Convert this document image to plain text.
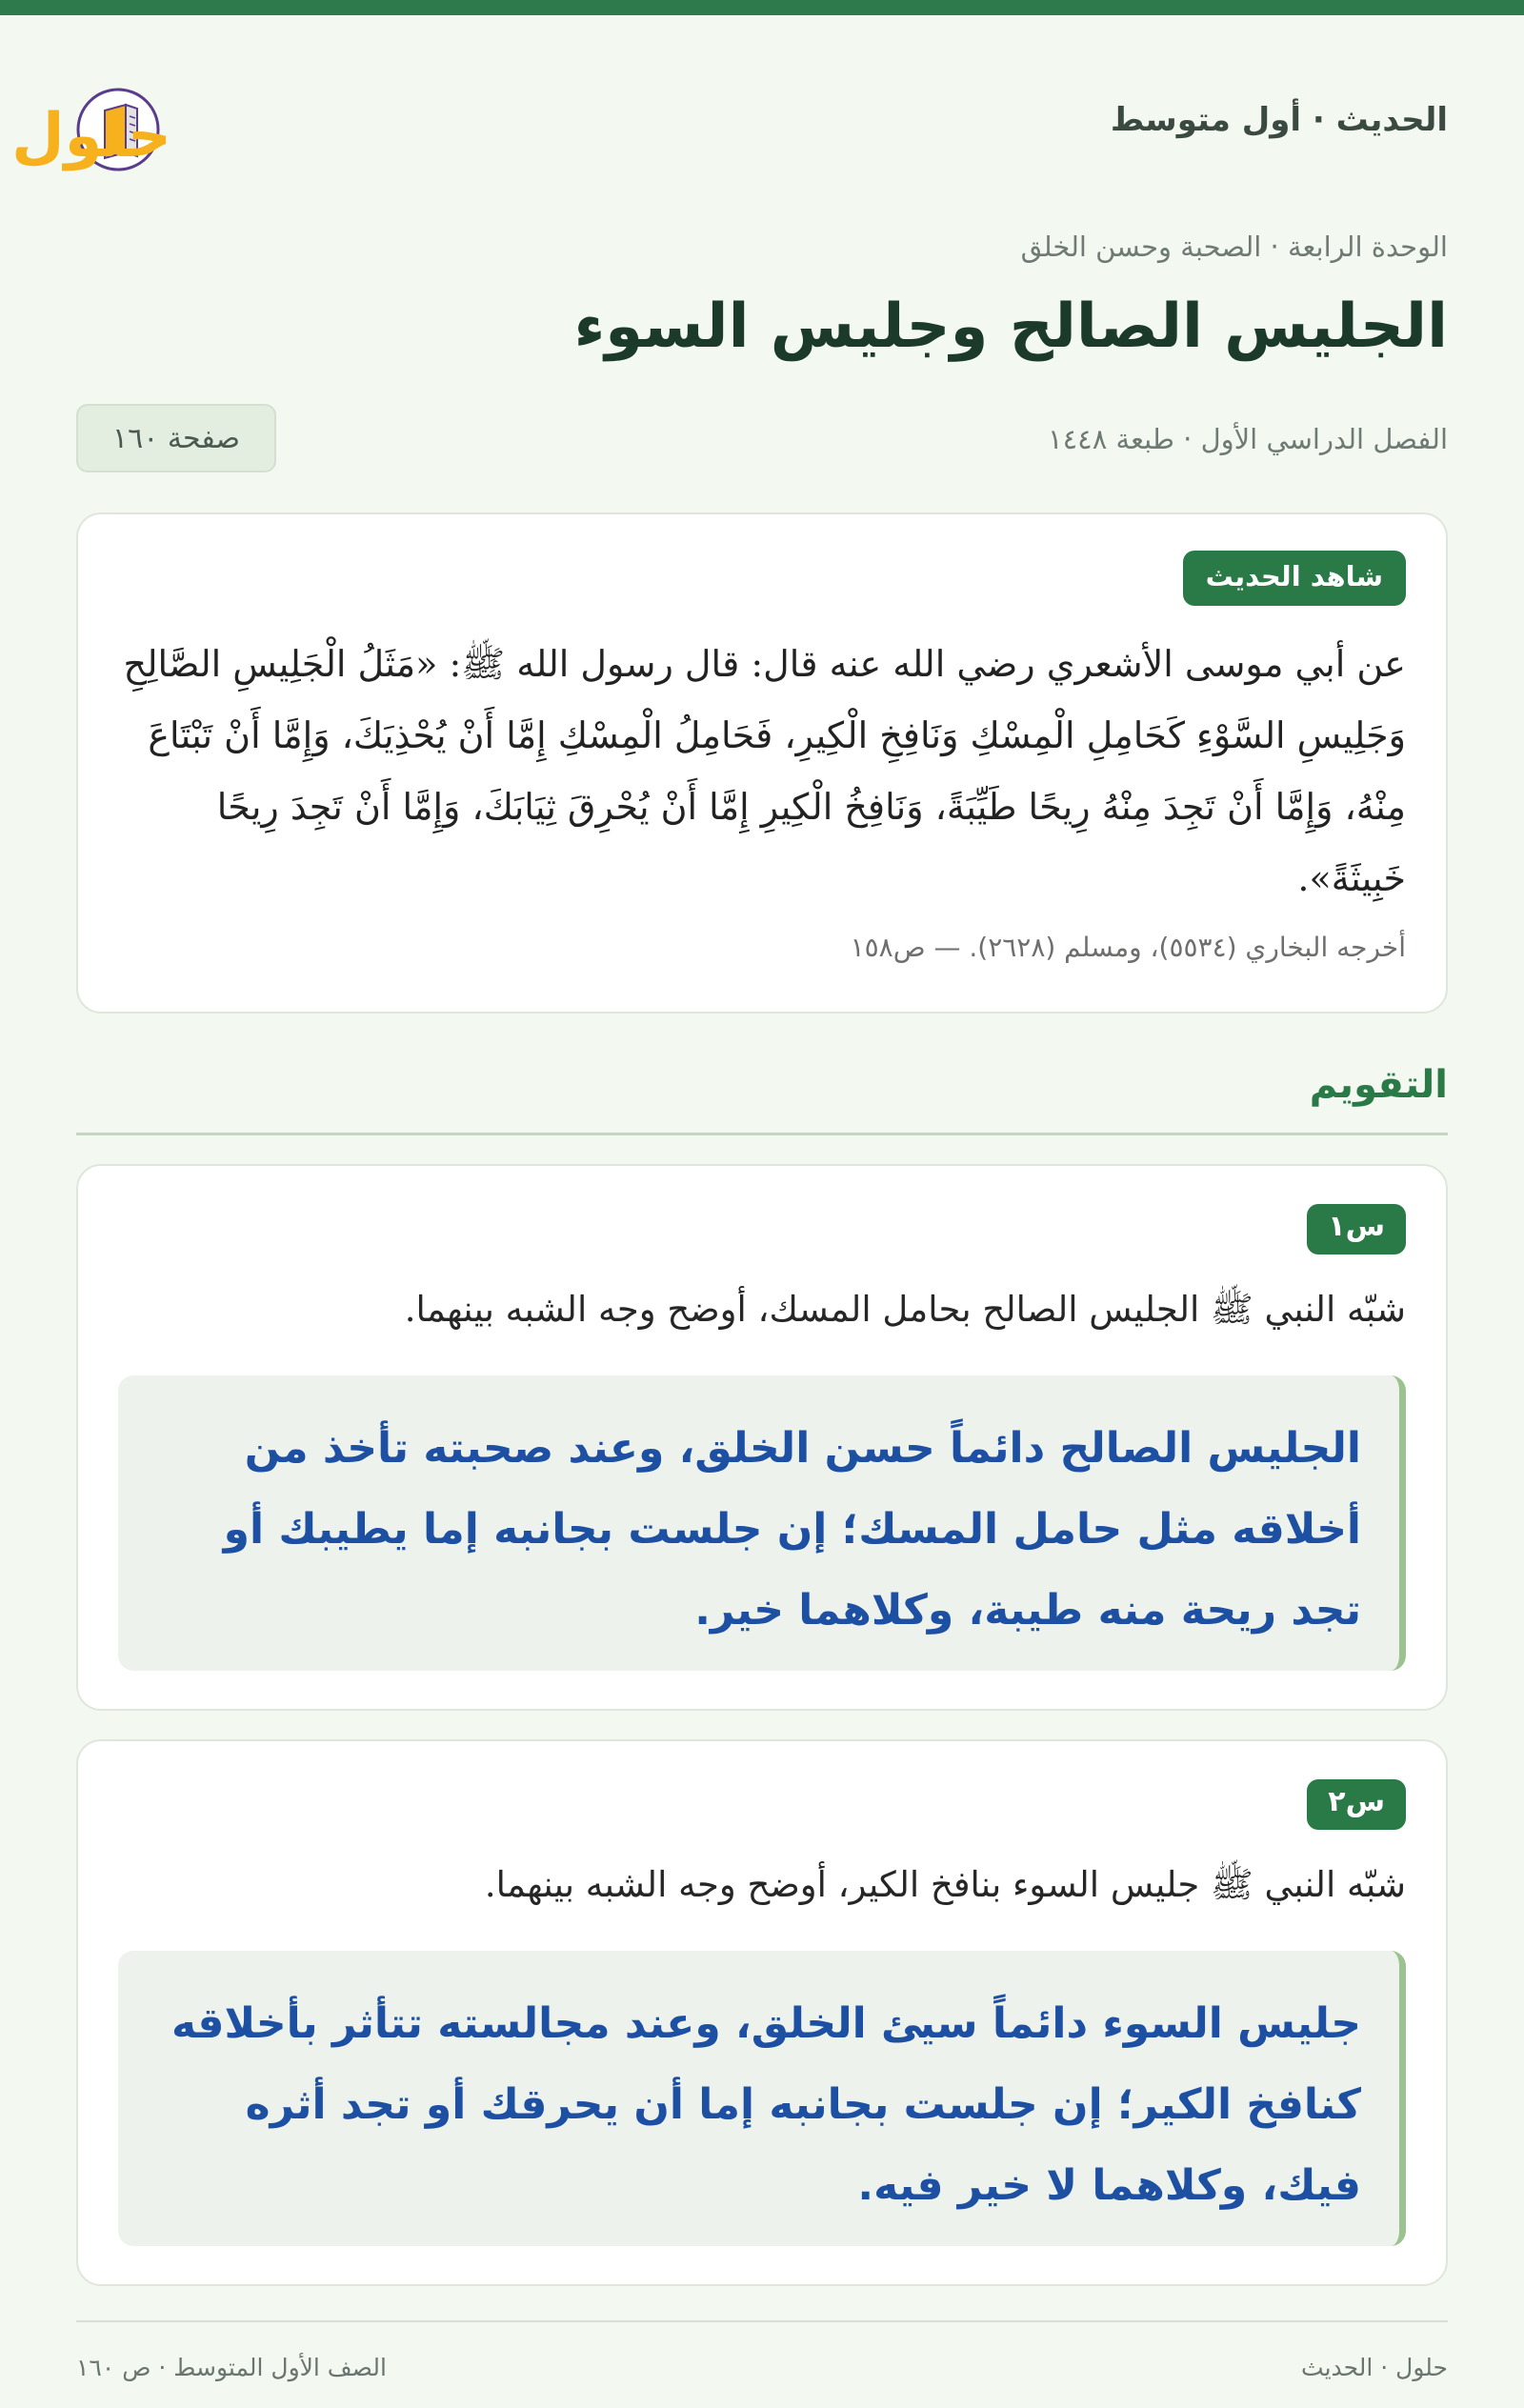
الحديث · أول متوسط
حلول
الوحدة الرابعة · الصحبة وحسن الخلق
الجليس الصالح وجليس السوء
الفصل الدراسي الأول · طبعة ١٤٤٨
صفحة ١٦٠
شاهد الحديث
عن أبي موسى الأشعري رضي الله عنه قال: قال رسول الله ﷺ: «مَثَلُ الْجَلِيسِ الصَّالِحِ وَجَلِيسِ السَّوْءِ كَحَامِلِ الْمِسْكِ وَنَافِخِ الْكِيرِ، فَحَامِلُ الْمِسْكِ إِمَّا أَنْ يُحْذِيَكَ، وَإِمَّا أَنْ تَبْتَاعَ مِنْهُ، وَإِمَّا أَنْ تَجِدَ مِنْهُ رِيحًا طَيِّبَةً، وَنَافِخُ الْكِيرِ إِمَّا أَنْ يُحْرِقَ ثِيَابَكَ، وَإِمَّا أَنْ تَجِدَ رِيحًا خَبِيثَةً».
أخرجه البخاري (٥٥٣٤)، ومسلم (٢٦٢٨). — ص١٥٨
التقويم
س١
شبّه النبي ﷺ الجليس الصالح بحامل المسك، أوضح وجه الشبه بينهما.
الجليس الصالح دائماً حسن الخلق، وعند صحبته تأخذ من أخلاقه مثل حامل المسك؛ إن جلست بجانبه إما يطيبك أو تجد ريحة منه طيبة، وكلاهما خير.
س٢
شبّه النبي ﷺ جليس السوء بنافخ الكير، أوضح وجه الشبه بينهما.
جليس السوء دائماً سيئ الخلق، وعند مجالسته تتأثر بأخلاقه كنافخ الكير؛ إن جلست بجانبه إما أن يحرقك أو تجد أثره فيك، وكلاهما لا خير فيه.
حلول · الحديث
الصف الأول المتوسط · ص ١٦٠
